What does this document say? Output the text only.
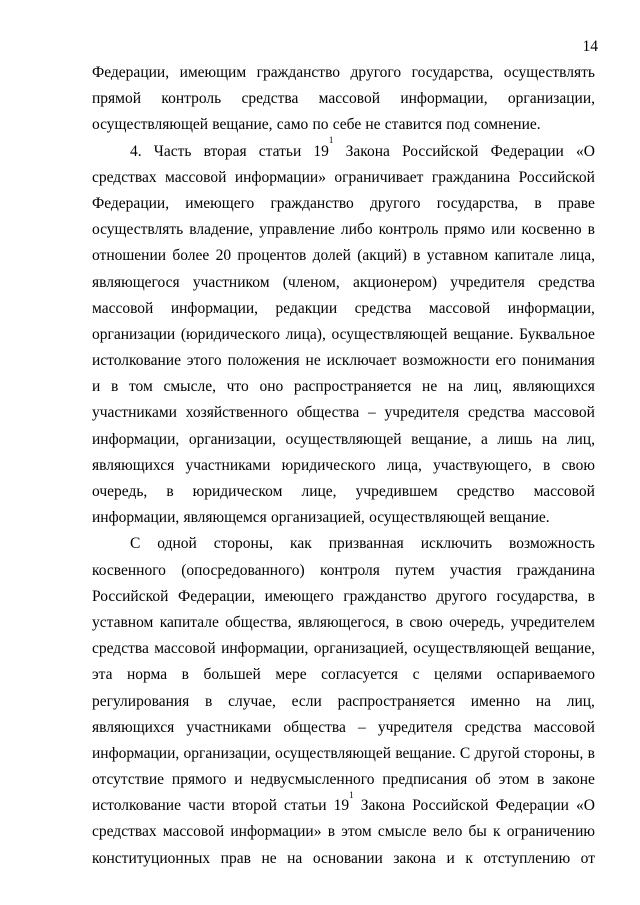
14
Федерации, имеющим гражданство другого государства, осуществлять
прямой контроль средства массовой информации, организации,
осуществляющей вещание, само по себе не ставится под сомнение.
4. Часть вторая статьи $19^1$
Закона Российской Федерации «О
средствах массовой информации» ограничивает гражданина Российской
Федерации, имеющего гражданство другого государства, в праве
осуществлять владение, управление либо контроль прямо или косвенно в
отношении более 20 процентов долей (акций) в уставном капитале лица,
являющегося участником (членом, акционером) учредителя средства
массовой информации, редакции средства массовой информации,
организации (юридического лица), осуществляющей вещание. Буквальное
истолкование этого положения не исключает возможности его понимания
и в том смысле, что оно распространяется не на лиц, являющихся
участниками хозяйственного общества – учредителя средства массовой
информации, организации, осуществляющей вещание, а лишь на лиц,
являющихся участниками юридического лица, участвующего, в свою
очередь, в юридическом лице, учредившем средство массовой
информации, являющемся организацией, осуществляющей вещание.
С одной стороны, как призванная исключить возможность
косвенного (опосредованного) контроля путем участия гражданина
Российской Федерации, имеющего гражданство другого государства, в
уставном капитале общества, являющегося, в свою очередь, учредителем
средства массовой информации, организацией, осуществляющей вещание,
эта норма в большей мере согласуется с целями оспариваемого
регулирования в случае, если распространяется именно на лиц,
являющихся участниками общества – учредителя средства массовой
информации, организации, осуществляющей вещание. С другой стороны, в
отсутствие прямого и недвусмысленного предписания об этом в законе
истолкование части второй статьи $19^1$
Закона Российской Федерации «О
средствах массовой информации» в этом смысле вело бы к ограничению
конституционных прав не на основании закона и к отступлению от
